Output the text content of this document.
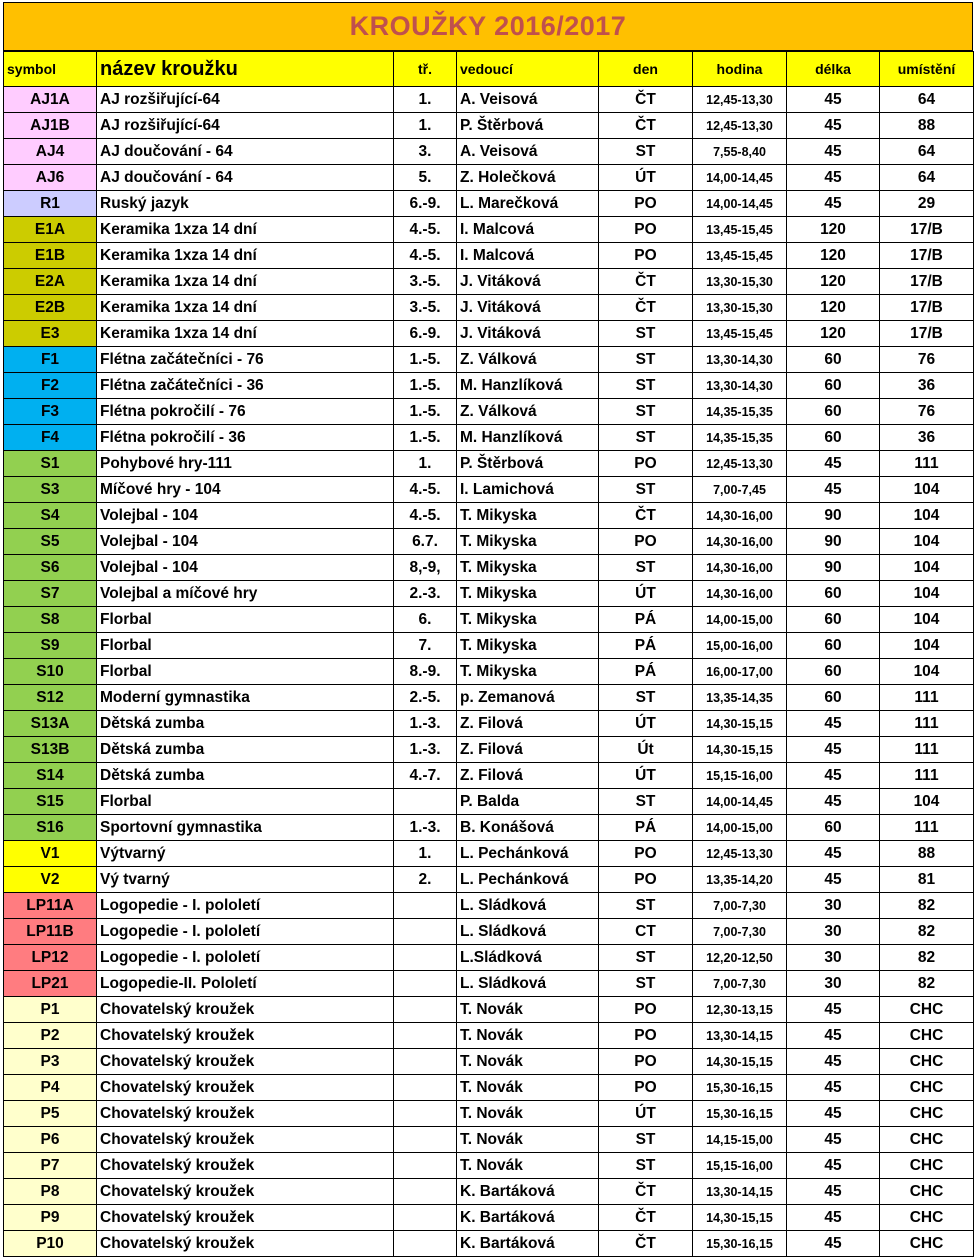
KROUŽKY 2016/2017
symbol	název kroužku	tř.	vedoucí	den	hodina	délka	umístění
AJ1A	AJ rozšiřující-64	1.	A. Veisová	ČT	12,45-13,30	45	64
AJ1B	AJ rozšiřující-64	1.	P. Štěrbová	ČT	12,45-13,30	45	88
AJ4	AJ doučování - 64	3.	A. Veisová	ST	7,55-8,40	45	64
AJ6	AJ doučování - 64	5.	Z. Holečková	ÚT	14,00-14,45	45	64
R1	Ruský jazyk	6.-9.	L. Marečková	PO	14,00-14,45	45	29
E1A	Keramika 1xza 14 dní	4.-5.	I. Malcová	PO	13,45-15,45	120	17/B
E1B	Keramika 1xza 14 dní	4.-5.	I. Malcová	PO	13,45-15,45	120	17/B
E2A	Keramika 1xza 14 dní	3.-5.	J. Vitáková	ČT	13,30-15,30	120	17/B
E2B	Keramika 1xza 14 dní	3.-5.	J. Vitáková	ČT	13,30-15,30	120	17/B
E3	Keramika 1xza 14 dní	6.-9.	J. Vitáková	ST	13,45-15,45	120	17/B
F1	Flétna začátečníci - 76	1.-5.	Z. Válková	ST	13,30-14,30	60	76
F2	Flétna začátečníci - 36	1.-5.	M. Hanzlíková	ST	13,30-14,30	60	36
F3	Flétna pokročilí - 76	1.-5.	Z. Válková	ST	14,35-15,35	60	76
F4	Flétna pokročilí - 36	1.-5.	M. Hanzlíková	ST	14,35-15,35	60	36
S1	Pohybové hry-111	1.	P. Štěrbová	PO	12,45-13,30	45	111
S3	Míčové hry - 104	4.-5.	I. Lamichová	ST	7,00-7,45	45	104
S4	Volejbal - 104	4.-5.	T. Mikyska	ČT	14,30-16,00	90	104
S5	Volejbal - 104	6.7.	T. Mikyska	PO	14,30-16,00	90	104
S6	Volejbal - 104	8,-9,	T. Mikyska	ST	14,30-16,00	90	104
S7	Volejbal a míčové hry	2.-3.	T. Mikyska	ÚT	14,30-16,00	60	104
S8	Florbal	6.	T. Mikyska	PÁ	14,00-15,00	60	104
S9	Florbal	7.	T. Mikyska	PÁ	15,00-16,00	60	104
S10	Florbal	8.-9.	T. Mikyska	PÁ	16,00-17,00	60	104
S12	Moderní gymnastika	2.-5.	p. Zemanová	ST	13,35-14,35	60	111
S13A	Dětská zumba	1.-3.	Z. Filová	ÚT	14,30-15,15	45	111
S13B	Dětská zumba	1.-3.	Z. Filová	Út	14,30-15,15	45	111
S14	Dětská zumba	4.-7.	Z. Filová	ÚT	15,15-16,00	45	111
S15	Florbal		P. Balda	ST	14,00-14,45	45	104
S16	Sportovní gymnastika	1.-3.	B. Konášová	PÁ	14,00-15,00	60	111
V1	Výtvarný	1.	L. Pechánková	PO	12,45-13,30	45	88
V2	Vý tvarný	2.	L. Pechánková	PO	13,35-14,20	45	81
LP11A	Logopedie - I. pololetí		L. Sládková	ST	7,00-7,30	30	82
LP11B	Logopedie - I. pololetí		L. Sládková	CT	7,00-7,30	30	82
LP12	Logopedie - I. pololetí		L.Sládková	ST	12,20-12,50	30	82
LP21	Logopedie-II. Pololetí		L. Sládková	ST	7,00-7,30	30	82
P1	Chovatelský kroužek		T. Novák	PO	12,30-13,15	45	CHC
P2	Chovatelský kroužek		T. Novák	PO	13,30-14,15	45	CHC
P3	Chovatelský kroužek		T. Novák	PO	14,30-15,15	45	CHC
P4	Chovatelský kroužek		T. Novák	PO	15,30-16,15	45	CHC
P5	Chovatelský kroužek		T. Novák	ÚT	15,30-16,15	45	CHC
P6	Chovatelský kroužek		T. Novák	ST	14,15-15,00	45	CHC
P7	Chovatelský kroužek		T. Novák	ST	15,15-16,00	45	CHC
P8	Chovatelský kroužek		K. Bartáková	ČT	13,30-14,15	45	CHC
P9	Chovatelský kroužek		K. Bartáková	ČT	14,30-15,15	45	CHC
P10	Chovatelský kroužek		K. Bartáková	ČT	15,30-16,15	45	CHC
